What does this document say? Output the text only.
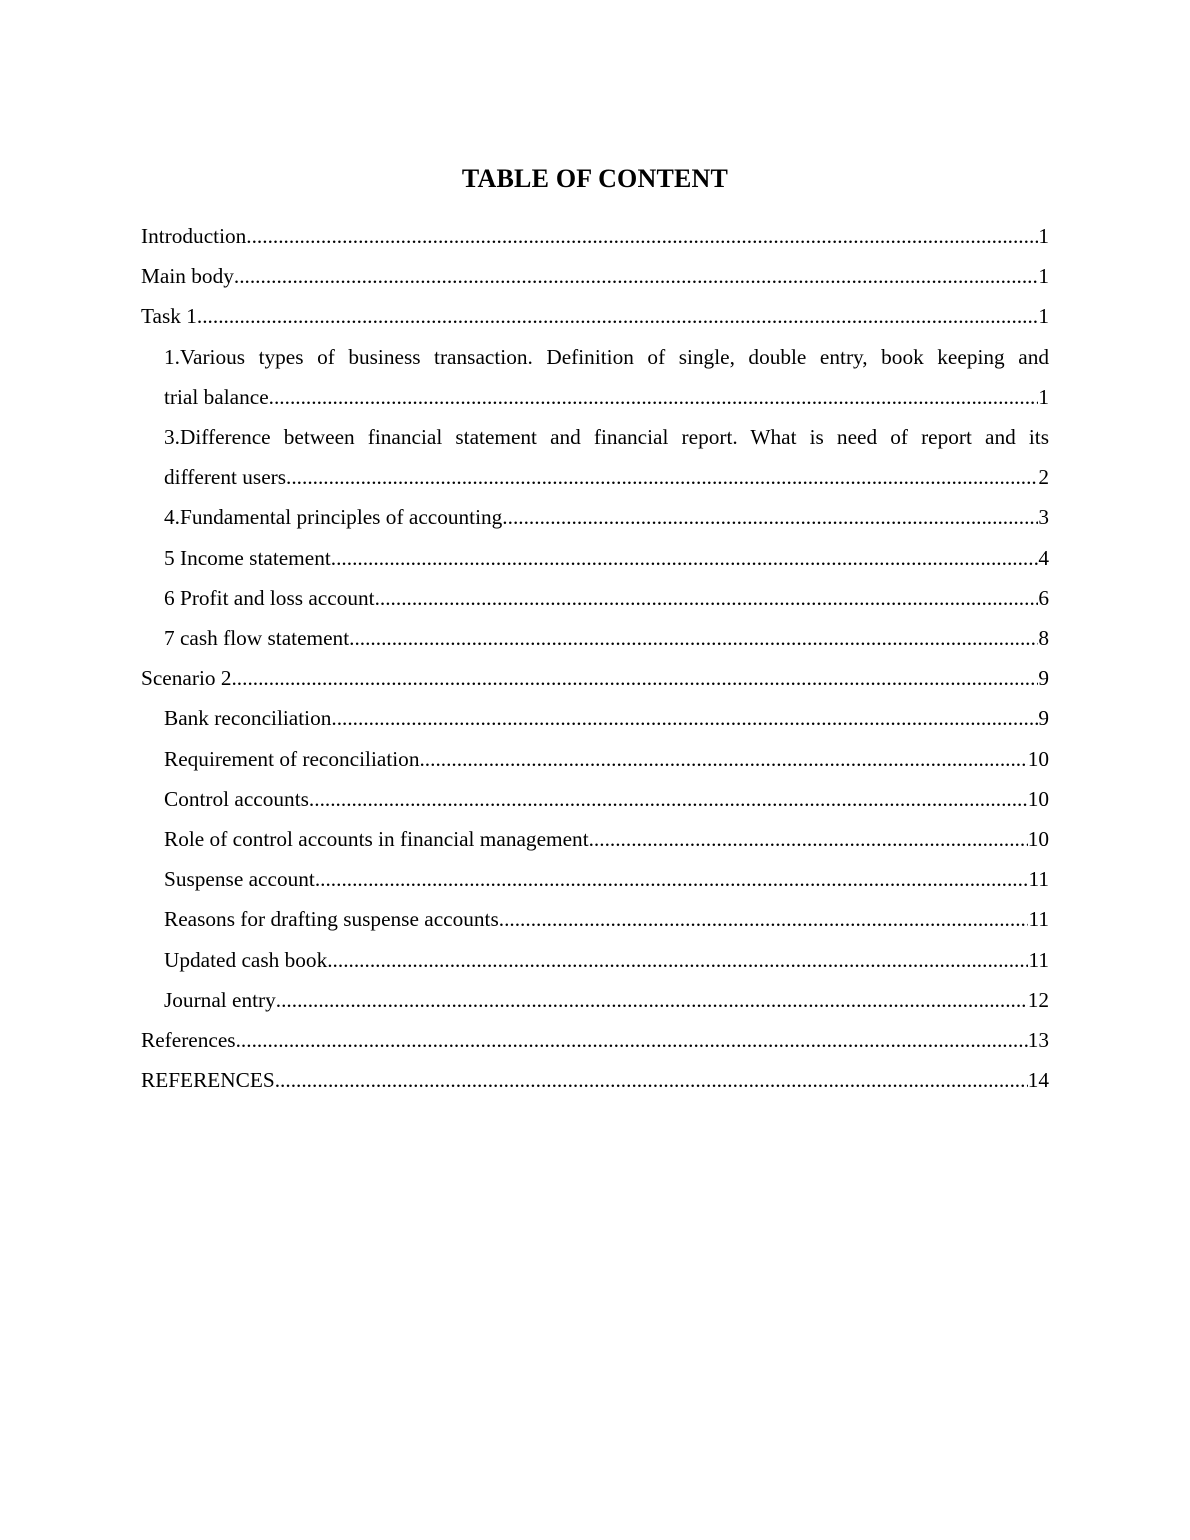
TABLE OF CONTENT
Introduction .....	1
Main body .....	1
Task 1 .....	1
1.Various types of business transaction. Definition of single, double entry, book keeping and
trial balance .....	1
3.Difference between financial statement and financial report. What is need of report and its
different users .....	2
4.Fundamental principles of accounting .....	3
5 Income statement .....	4
6 Profit and loss account .....	6
7 cash flow statement .....	8
Scenario 2 .....	9
Bank reconciliation .....	9
Requirement of reconciliation .....	10
Control accounts .....	10
Role of control accounts in financial management .....	10
Suspense account .....	11
Reasons for drafting suspense accounts .....	11
Updated cash book .....	11
Journal entry .....	12
References .....	13
REFERENCES .....	14
